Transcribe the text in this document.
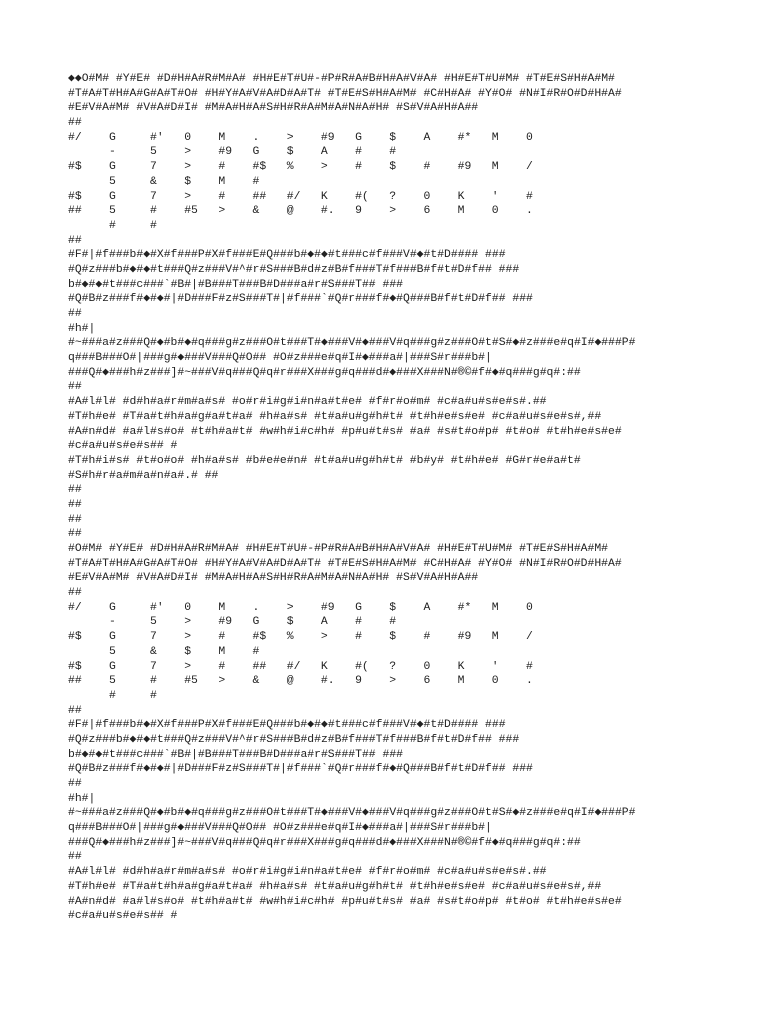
◆◆O#M# #Y#E# #D#H#A#R#M#A# #H#E#T#U#-#P#R#A#B#H#A#V#A# #H#E#T#U#M# #T#E#S#H#A#M#
#T#A#T#H#A#G#A#T#O# #H#Y#A#V#A#D#A#T# #T#E#S#H#A#M# #C#H#A# #Y#O# #N#I#R#O#D#H#A#
#E#V#A#M# #V#A#D#I# #M#A#H#A#S#H#R#A#M#A#N#A#H# #S#V#A#H#A##
##
#/    G     #'   0    M    .    >    #9   G    $    A    #*   M    0
-     5    >    #9   G    $    A    #    #
#$    G     7    >    #    #$   %    >    #    $    #    #9   M    /
5     &    $    M    #
#$    G     7    >    #    ##   #/   K    #(   ?    0    K    '    #
##    5     #    #5   >    &    @    #.   9    >    6    M    0    .
#     #
##
#F#|#f###b#◆#X#f###P#X#f###E#Q###b#◆#◆#t###c#f###V#◆#t#D#### ###
#Q#z###b#◆#◆#t###Q#z###V#^#r#S###B#d#z#B#f###T#f###B#f#t#D#f## ###
b#◆#◆#t###c###`#B#|#B###T###B#D###a#r#S###T## ###
#Q#B#z###f#◆#◆#|#D###F#z#S###T#|#f###`#Q#r###f#◆#Q###B#f#t#D#f## ###
##
#h#|
#~###a#z###Q#◆#b#◆#q###g#z###O#t###T#◆###V#◆###V#q###g#z###O#t#S#◆#z###e#q#I#◆###P#
q###B###O#|###g#◆###V###Q#O## #O#z###e#q#I#◆###a#|###S#r###b#|
###Q#◆###h#z###]#~###V#q###Q#q#r###X###g#q###d#◆###X###N#®©#f#◆#q###g#q#:##
##
#A#l#l# #d#h#a#r#m#a#s# #o#r#i#g#i#n#a#t#e# #f#r#o#m# #c#a#u#s#e#s#.##
#T#h#e# #T#a#t#h#a#g#a#t#a# #h#a#s# #t#a#u#g#h#t# #t#h#e#s#e# #c#a#u#s#e#s#,##
#A#n#d# #a#l#s#o# #t#h#a#t# #w#h#i#c#h# #p#u#t#s# #a# #s#t#o#p# #t#o# #t#h#e#s#e#
#c#a#u#s#e#s## #
#T#h#i#s# #t#o#o# #h#a#s# #b#e#e#n# #t#a#u#g#h#t# #b#y# #t#h#e# #G#r#e#a#t#
#S#h#r#a#m#a#n#a#.# ##
##
##
##
##
#O#M# #Y#E# #D#H#A#R#M#A# #H#E#T#U#-#P#R#A#B#H#A#V#A# #H#E#T#U#M# #T#E#S#H#A#M#
#T#A#T#H#A#G#A#T#O# #H#Y#A#V#A#D#A#T# #T#E#S#H#A#M# #C#H#A# #Y#O# #N#I#R#O#D#H#A#
#E#V#A#M# #V#A#D#I# #M#A#H#A#S#H#R#A#M#A#N#A#H# #S#V#A#H#A##
##
#/    G     #'   0    M    .    >    #9   G    $    A    #*   M    0
-     5    >    #9   G    $    A    #    #
#$    G     7    >    #    #$   %    >    #    $    #    #9   M    /
5     &    $    M    #
#$    G     7    >    #    ##   #/   K    #(   ?    0    K    '    #
##    5     #    #5   >    &    @    #.   9    >    6    M    0    .
#     #
##
#F#|#f###b#◆#X#f###P#X#f###E#Q###b#◆#◆#t###c#f###V#◆#t#D#### ###
#Q#z###b#◆#◆#t###Q#z###V#^#r#S###B#d#z#B#f###T#f###B#f#t#D#f## ###
b#◆#◆#t###c###`#B#|#B###T###B#D###a#r#S###T## ###
#Q#B#z###f#◆#◆#|#D###F#z#S###T#|#f###`#Q#r###f#◆#Q###B#f#t#D#f## ###
##
#h#|
#~###a#z###Q#◆#b#◆#q###g#z###O#t###T#◆###V#◆###V#q###g#z###O#t#S#◆#z###e#q#I#◆###P#
q###B###O#|###g#◆###V###Q#O## #O#z###e#q#I#◆###a#|###S#r###b#|
###Q#◆###h#z###]#~###V#q###Q#q#r###X###g#q###d#◆###X###N#®©#f#◆#q###g#q#:##
##
#A#l#l# #d#h#a#r#m#a#s# #o#r#i#g#i#n#a#t#e# #f#r#o#m# #c#a#u#s#e#s#.##
#T#h#e# #T#a#t#h#a#g#a#t#a# #h#a#s# #t#a#u#g#h#t# #t#h#e#s#e# #c#a#u#s#e#s#,##
#A#n#d# #a#l#s#o# #t#h#a#t# #w#h#i#c#h# #p#u#t#s# #a# #s#t#o#p# #t#o# #t#h#e#s#e#
#c#a#u#s#e#s## #
